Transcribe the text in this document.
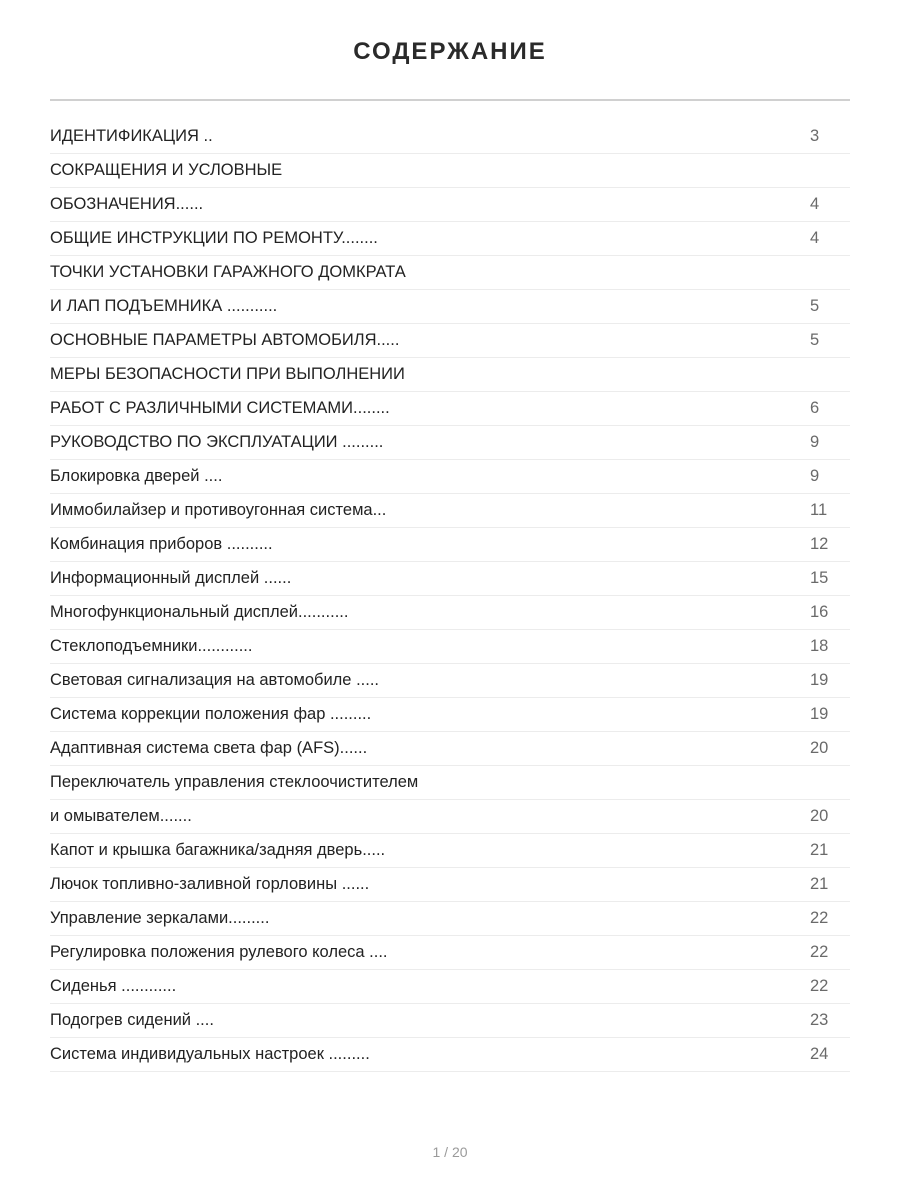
СОДЕРЖАНИЕ
ИДЕНТИФИКАЦИЯ ..	3
СОКРАЩЕНИЯ И УСЛОВНЫЕ
ОБОЗНАЧЕНИЯ......	4
ОБЩИЕ ИНСТРУКЦИИ ПО РЕМОНТУ........	4
ТОЧКИ УСТАНОВКИ ГАРАЖНОГО ДОМКРАТА
И ЛАП ПОДЪЕМНИКА ...........	5
ОСНОВНЫЕ ПАРАМЕТРЫ АВТОМОБИЛЯ.....	5
МЕРЫ БЕЗОПАСНОСТИ ПРИ ВЫПОЛНЕНИИ
РАБОТ С РАЗЛИЧНЫМИ СИСТЕМАМИ........	6
РУКОВОДСТВО ПО ЭКСПЛУАТАЦИИ .........	9
Блокировка дверей ....	9
Иммобилайзер и противоугонная система...	11
Комбинация приборов ..........	12
Информационный дисплей ......	15
Многофункциональный дисплей...........	16
Стеклоподъемники............	18
Световая сигнализация на автомобиле .....	19
Система коррекции положения фар .........	19
Адаптивная система света фар (AFS)......	20
Переключатель управления стеклоочистителем
и омывателем.......	20
Капот и крышка багажника/задняя дверь.....	21
Лючок топливно-заливной горловины ......	21
Управление зеркалами.........	22
Регулировка положения рулевого колеса ....	22
Сиденья ............	22
Подогрев сидений ....	23
Система индивидуальных настроек .........	24
1 / 20
